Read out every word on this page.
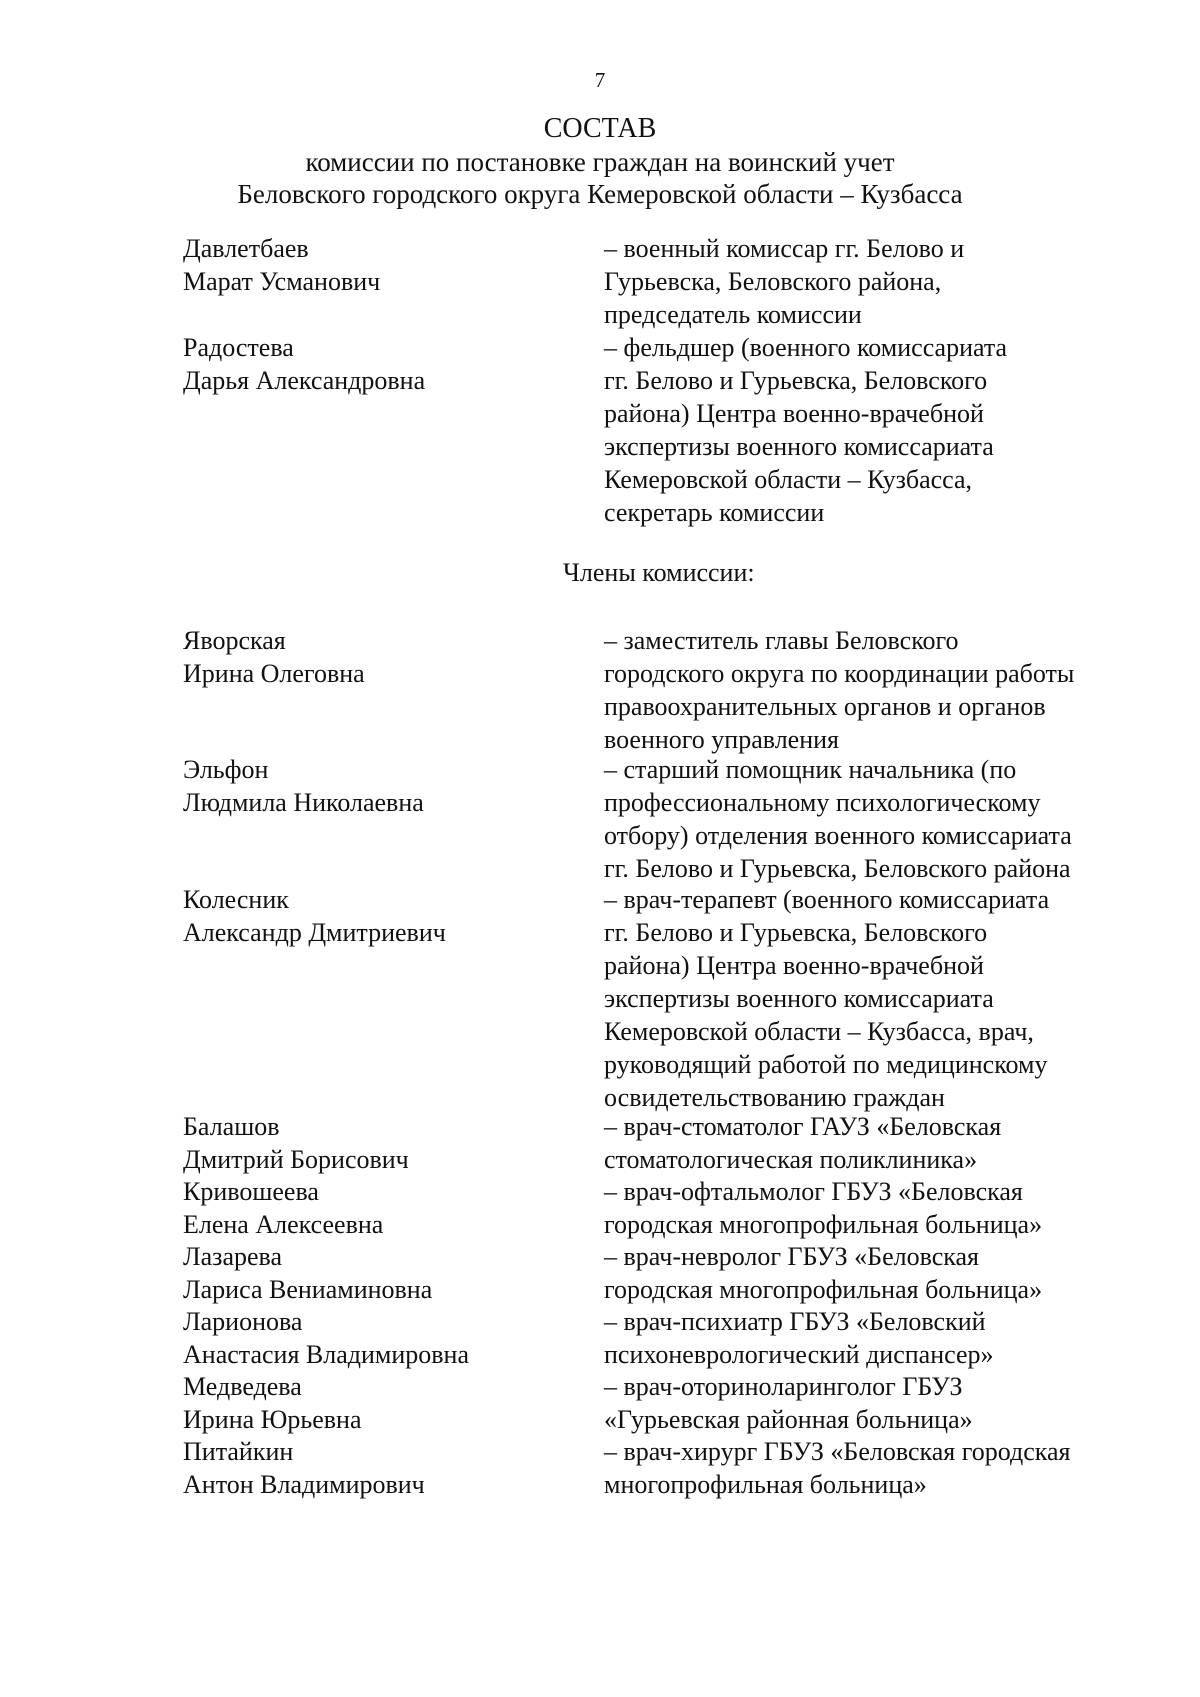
7
СОСТАВ
комиссии по постановке граждан на воинский учет
Беловского городского округа Кемеровской области – Кузбасса
Давлетбаев
Марат Усманович
– военный комиссар гг. Белово и
Гурьевска, Беловского района,
председатель комиссии
Радостева
Дарья Александровна
– фельдшер (военного комиссариата
гг. Белово и Гурьевска, Беловского
района) Центра военно-врачебной
экспертизы военного комиссариата
Кемеровской области – Кузбасса,
секретарь комиссии
Члены комиссии:
Яворская
Ирина Олеговна
– заместитель главы Беловского
городского округа по координации работы
правоохранительных органов и органов
военного управления
Эльфон
Людмила Николаевна
– старший помощник начальника (по
профессиональному психологическому
отбору) отделения военного комиссариата
гг. Белово и Гурьевска, Беловского района
Колесник
Александр Дмитриевич
– врач-терапевт (военного комиссариата
гг. Белово и Гурьевска, Беловского
района) Центра военно-врачебной
экспертизы военного комиссариата
Кемеровской области – Кузбасса, врач,
руководящий работой по медицинскому
освидетельствованию граждан
Балашов
Дмитрий Борисович
– врач-стоматолог ГАУЗ «Беловская
стоматологическая поликлиника»
Кривошеева
Елена Алексеевна
– врач-офтальмолог ГБУЗ «Беловская
городская многопрофильная больница»
Лазарева
Лариса Вениаминовна
– врач-невролог ГБУЗ «Беловская
городская многопрофильная больница»
Ларионова
Анастасия Владимировна
– врач-психиатр ГБУЗ «Беловский
психоневрологический диспансер»
Медведева
Ирина Юрьевна
– врач-оториноларинголог ГБУЗ
«Гурьевская районная больница»
Питайкин
Антон Владимирович
– врач-хирург ГБУЗ «Беловская городская
многопрофильная больница»
